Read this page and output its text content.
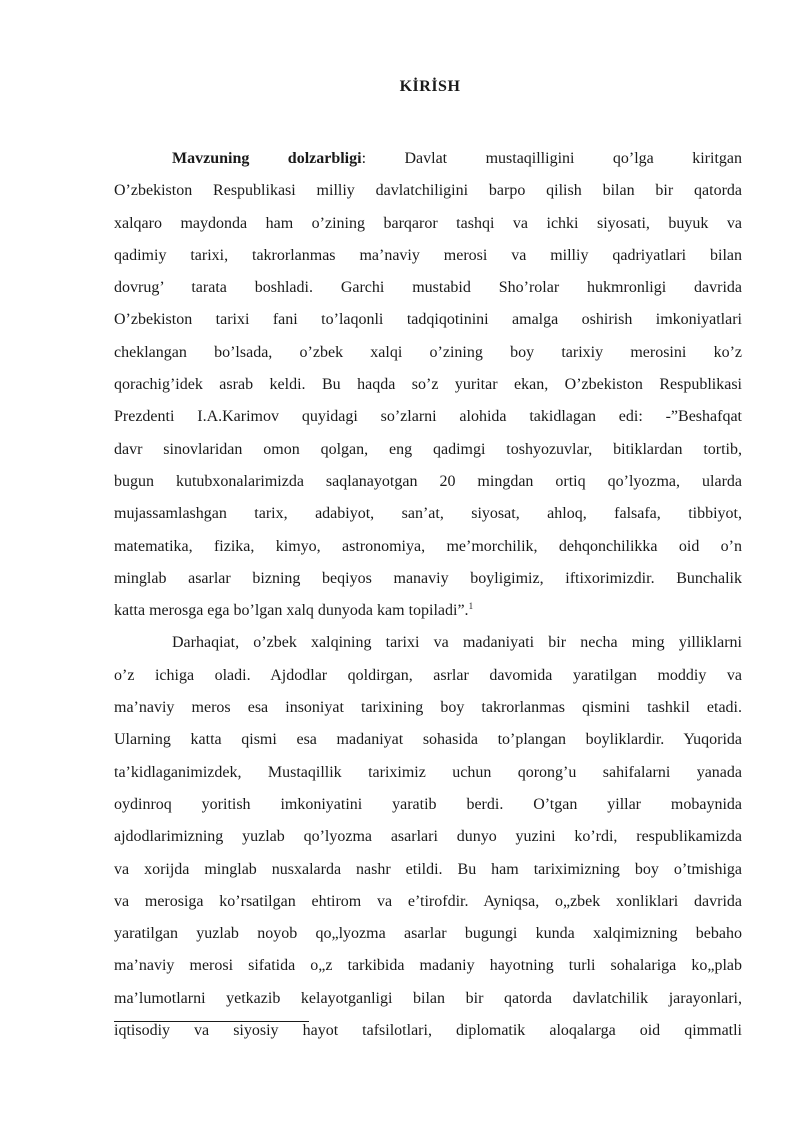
KİRİSH
Mavzuning dolzarbligi: Davlat mustaqilligini qo’lga kiritgan
O’zbekiston Respublikasi milliy davlatchiligini barpo qilish bilan bir qatorda
xalqaro maydonda ham o’zining barqaror tashqi va ichki siyosati, buyuk va
qadimiy tarixi, takrorlanmas ma’naviy merosi va milliy qadriyatlari bilan
dovrug’ tarata boshladi. Garchi mustabid Sho’rolar hukmronligi davrida
O’zbekiston tarixi fani to’laqonli tadqiqotinini amalga oshirish imkoniyatlari
cheklangan bo’lsada, o’zbek xalqi o’zining boy tarixiy merosini ko’z
qorachig’idek asrab keldi. Bu haqda so’z yuritar ekan, O’zbekiston Respublikasi
Prezdenti I.A.Karimov quyidagi so’zlarni alohida takidlagan edi: -”Beshafqat
davr sinovlaridan omon qolgan, eng qadimgi toshyozuvlar, bitiklardan tortib,
bugun kutubxonalarimizda saqlanayotgan 20 mingdan ortiq qo’lyozma, ularda
mujassamlashgan tarix, adabiyot, san’at, siyosat, ahloq, falsafa, tibbiyot,
matematika, fizika, kimyo, astronomiya, me’morchilik, dehqonchilikka oid o’n
minglab asarlar bizning beqiyos manaviy boyligimiz, iftixorimizdir. Bunchalik
katta merosga ega bo’lgan xalq dunyoda kam topiladi”.$^1$
Darhaqiat, o’zbek xalqining tarixi va madaniyati bir necha ming yilliklarni
o’z ichiga oladi. Ajdodlar qoldirgan, asrlar davomida yaratilgan moddiy va
ma’naviy meros esa insoniyat tarixining boy takrorlanmas qismini tashkil etadi.
Ularning katta qismi esa madaniyat sohasida to’plangan boyliklardir. Yuqorida
ta’kidlaganimizdek, Mustaqillik tariximiz uchun qorong’u sahifalarni yanada
oydinroq yoritish imkoniyatini yaratib berdi. O’tgan yillar mobaynida
ajdodlarimizning yuzlab qo’lyozma asarlari dunyo yuzini ko’rdi, respublikamizda
va xorijda minglab nusxalarda nashr etildi. Bu ham tariximizning boy o’tmishiga
va merosiga ko’rsatilgan ehtirom va e’tirofdir. Ayniqsa, o„zbek xonliklari davrida
yaratilgan yuzlab noyob qo„lyozma asarlar bugungi kunda xalqimizning bebaho
ma’naviy merosi sifatida o„z tarkibida madaniy hayotning turli sohalariga ko„plab
ma’lumotlarni yetkazib kelayotganligi bilan bir qatorda davlatchilik jarayonlari,
iqtisodiy va siyosiy hayot tafsilotlari, diplomatik aloqalarga oid qimmatli
